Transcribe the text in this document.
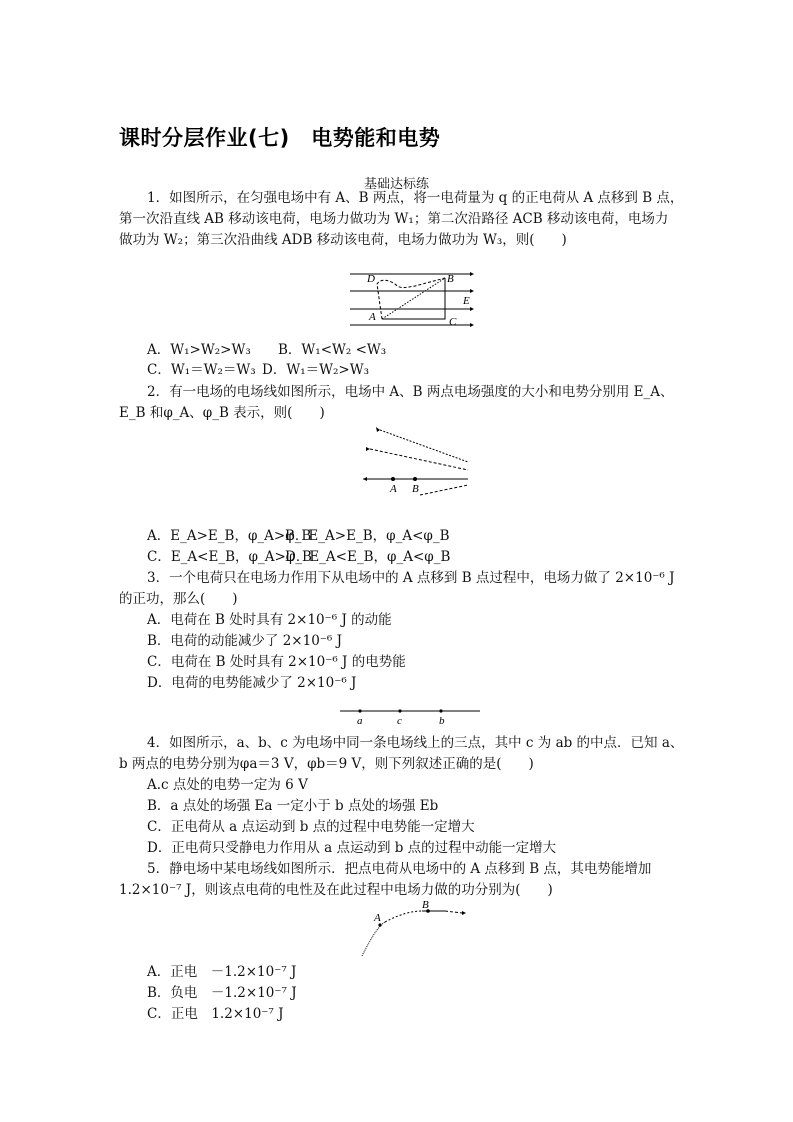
课时分层作业(七)　电势能和电势
基础达标练
1．如图所示，在匀强电场中有 A、B 两点，将一电荷量为 q 的正电荷从 A 点移到 B 点，
第一次沿直线 AB 移动该电荷，电场力做功为 W₁；第二次沿路径 ACB 移动该电荷，电场力
做功为 W₂；第三次沿曲线 ADB 移动该电荷，电场力做功为 W₃，则(　　)
D	B
E
A	C
A．W₁>W₂>W₃ B．W₁<W₂ <W₃
C．W₁＝W₂＝W₃ D．W₁＝W₂>W₃
2．有一电场的电场线如图所示，电场中 A、B 两点电场强度的大小和电势分别用 E_A、
E_B 和φ_A、φ_B 表示，则(　　)
A B
A．E_A>E_B，φ_A>φ_B
B．E_A>E_B，φ_A<φ_B
C．E_A<E_B，φ_A>φ_B
D．E_A<E_B，φ_A<φ_B
3．一个电荷只在电场力作用下从电场中的 A 点移到 B 点过程中，电场力做了 2×10⁻⁶ J
的正功，那么(　　)
A．电荷在 B 处时具有 2×10⁻⁶ J 的动能
B．电荷的动能减少了 2×10⁻⁶ J
C．电荷在 B 处时具有 2×10⁻⁶ J 的电势能
D．电荷的电势能减少了 2×10⁻⁶ J
a	c	b
4．如图所示，a、b、c 为电场中同一条电场线上的三点，其中 c 为 ab 的中点．已知 a、
b 两点的电势分别为φa＝3 V，φb＝9 V，则下列叙述正确的是(　　)
A.c 点处的电势一定为 6 V
B．a 点处的场强 Ea 一定小于 b 点处的场强 Eb
C．正电荷从 a 点运动到 b 点的过程中电势能一定增大
D．正电荷只受静电力作用从 a 点运动到 b 点的过程中动能一定增大
5．静电场中某电场线如图所示．把点电荷从电场中的 A 点移到 B 点，其电势能增加
1.2×10⁻⁷ J，则该点电荷的电性及在此过程中电场力做的功分别为(　　)
A
B
A．正电　－1.2×10⁻⁷ J
B．负电　－1.2×10⁻⁷ J
C．正电　1.2×10⁻⁷ J
